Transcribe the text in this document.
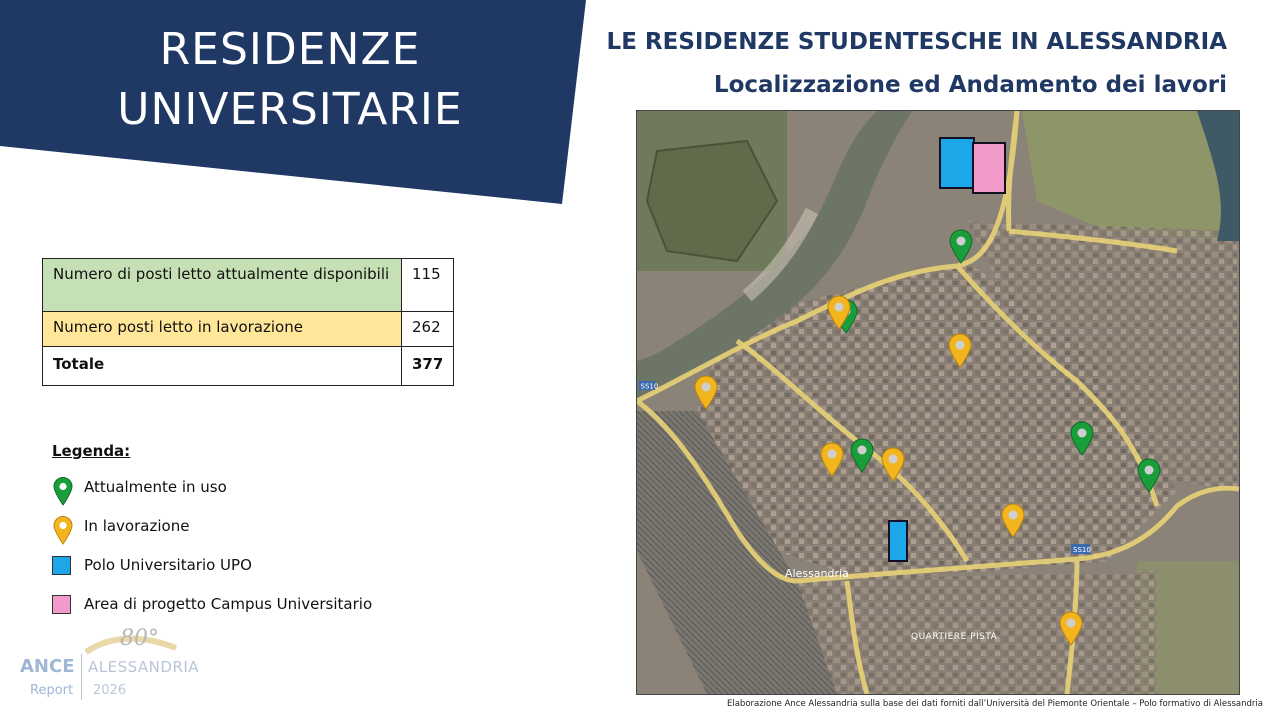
RESIDENZE
UNIVERSITARIE
LE RESIDENZE STUDENTESCHE IN ALESSANDRIA
Localizzazione ed Andamento dei lavori
Numero di posti letto attualmente disponibili	115
Numero posti letto in lavorazione	262
Totale	377
Legenda:
Attualmente in uso
In lavorazione
Polo Universitario UPO
Area di progetto Campus Universitario
Alessandria
QUARTIERE PISTA
SS10
SS10
80°
ANCE ALESSANDRIA
Report 2026
Elaborazione Ance Alessandria sulla base dei dati forniti dall’Università del Piemonte Orientale – Polo formativo di Alessandria
